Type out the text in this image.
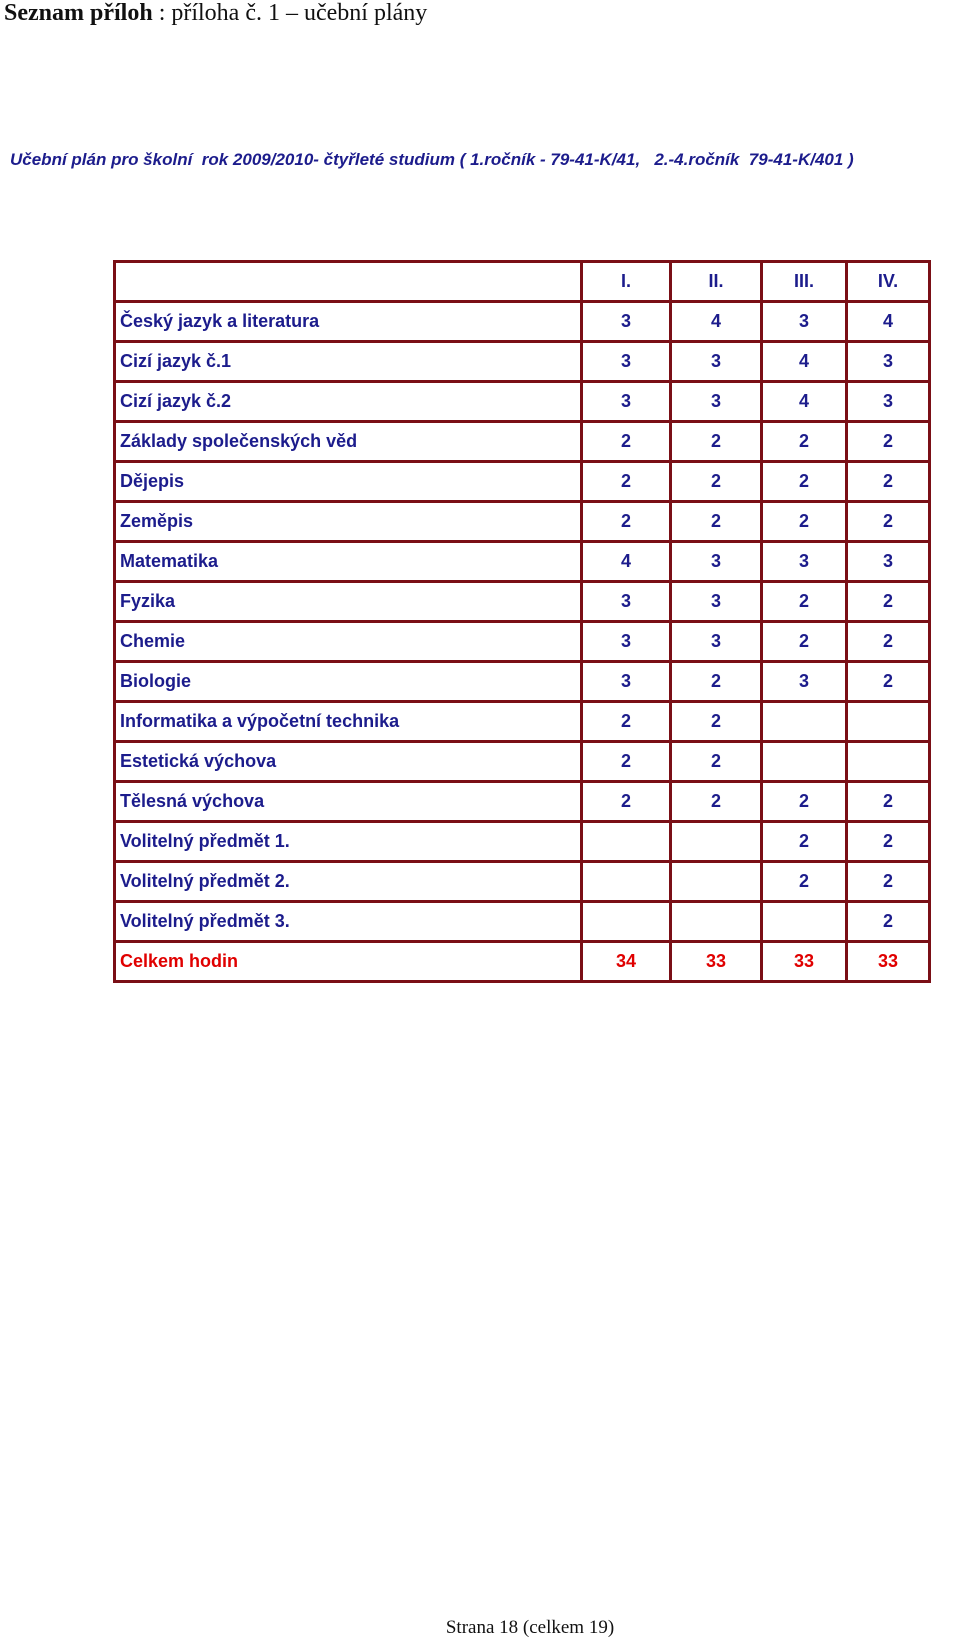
Seznam příloh : příloha č. 1 – učební plány
Učební plán pro školní  rok 2009/2010- čtyřleté studium ( 1.ročník - 79-41-K/41,   2.-4.ročník  79-41-K/401 )
	I.	II.	III.	IV.
Český jazyk a literatura	3	4	3	4
Cizí jazyk č.1	3	3	4	3
Cizí jazyk č.2	3	3	4	3
Základy společenských věd	2	2	2	2
Dějepis	2	2	2	2
Zeměpis	2	2	2	2
Matematika	4	3	3	3
Fyzika	3	3	2	2
Chemie	3	3	2	2
Biologie	3	2	3	2
Informatika a výpočetní technika	2	2		
Estetická výchova	2	2		
Tělesná výchova	2	2	2	2
Volitelný předmět 1.			2	2
Volitelný předmět 2.			2	2
Volitelný předmět 3.				2
Celkem hodin	34	33	33	33
Strana 18 (celkem 19)
